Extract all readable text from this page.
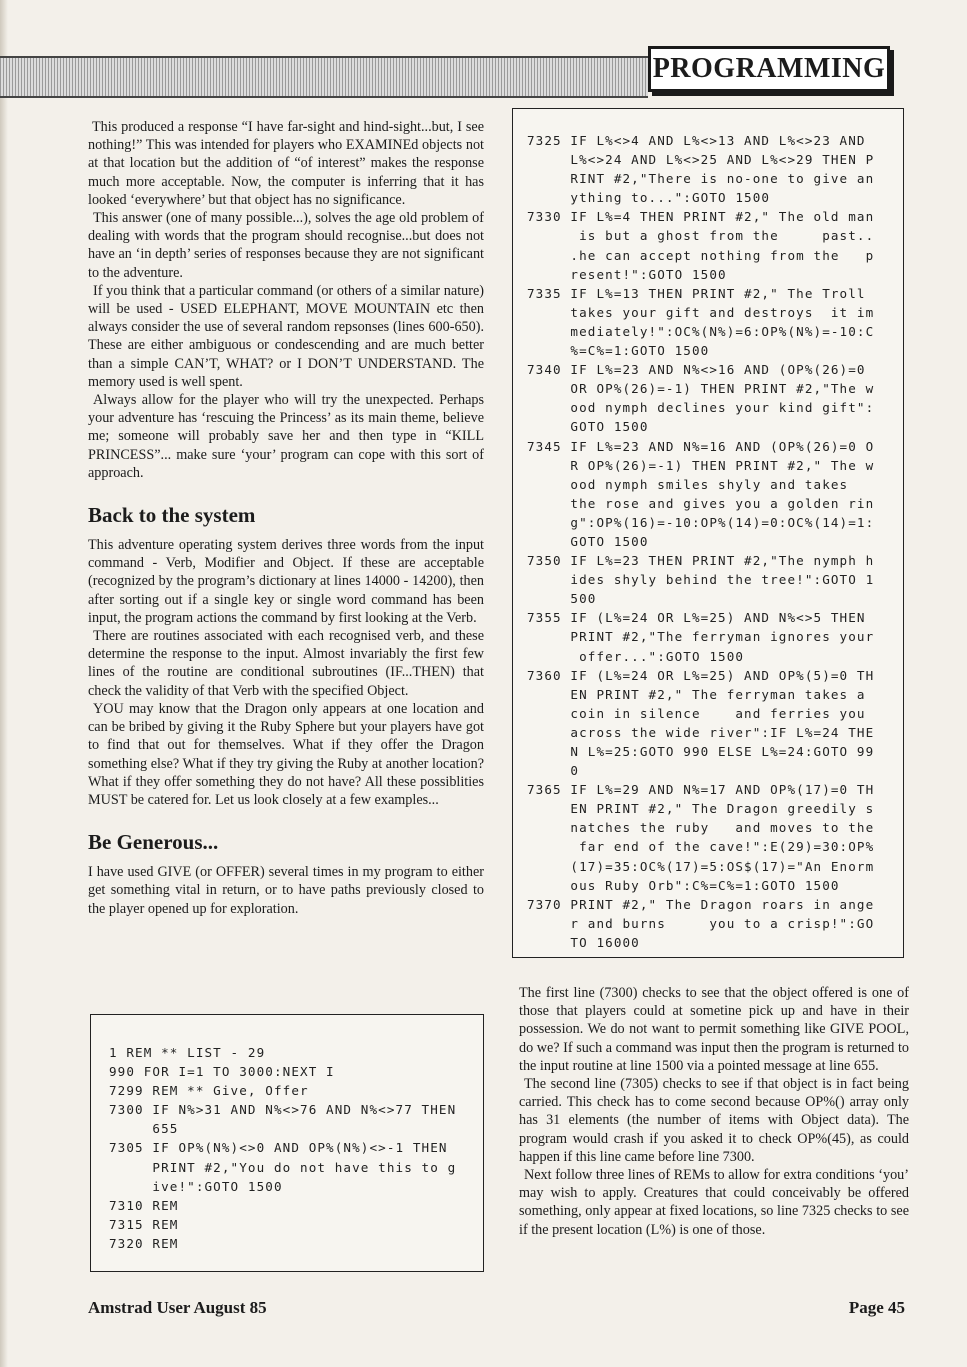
PROGRAMMING

This produced a response “I have far-sight and hind-sight...but, I see nothing!” This was intended for players who EXAMINEd objects not at that location but the addition of “of interest” makes the response much more acceptable. Now, the computer is inferring that it has looked ‘everywhere’ but that object has no significance.

This answer (one of many possible...), solves the age old problem of dealing with words that the program should recognise...but does not have an ‘in depth’ series of responses because they are not significant to the adventure.

If you think that a particular command (or others of a similar nature) will be used - USED ELEPHANT, MOVE MOUNTAIN etc then always consider the use of several random repsonses (lines 600-650). These are either ambiguous or condescending and are much better than a simple CAN’T, WHAT? or I DON’T UNDERSTAND. The memory used is well spent.

Always allow for the player who will try the unexpected. Perhaps your adventure has ‘rescuing the Princess’ as its main theme, believe me; someone will probably save her and then type in “KILL PRINCESS”... make sure ‘your’ program can cope with this sort of approach.

Back to the system

This adventure operating system derives three words from the input command - Verb, Modifier and Object. If these are acceptable (recognized by the program’s dictionary at lines 14000 - 14200), then after sorting out if a single key or single word command has been input, the program actions the command by first looking at the Verb.

There are routines associated with each recognised verb, and these determine the response to the input. Almost invariably the first few lines of the routine are conditional subroutines (IF...THEN) that check the validity of that Verb with the specified Object.

YOU may know that the Dragon only appears at one location and can be bribed by giving it the Ruby Sphere but your players have got to find that out for themselves. What if they offer the Dragon something else? What if they try giving the Ruby at another location? What if they offer something they do not have? All these possiblities MUST be catered for. Let us look closely at a few examples...

Be Generous...

I have used GIVE (or OFFER) several times in my program to either get something vital in return, or to have paths previously closed to the player opened up for exploration.

7325 IF L%<>4 AND L%<>13 AND L%<>23 AND
L%<>24 AND L%<>25 AND L%<>29 THEN P
RINT #2,"There is no-one to give an
ything to...":GOTO 1500
7330 IF L%=4 THEN PRINT #2," The old man
is but a ghost from the     past..
.he can accept nothing from the   p
resent!":GOTO 1500
7335 IF L%=13 THEN PRINT #2," The Troll
takes your gift and destroys  it im
mediately!":OC%(N%)=6:OP%(N%)=-10:C
%=C%=1:GOTO 1500
7340 IF L%=23 AND N%<>16 AND (OP%(26)=0
OR OP%(26)=-1) THEN PRINT #2,"The w
ood nymph declines your kind gift":
GOTO 1500
7345 IF L%=23 AND N%=16 AND (OP%(26)=0 O
R OP%(26)=-1) THEN PRINT #2," The w
ood nymph smiles shyly and takes
the rose and gives you a golden rin
g":OP%(16)=-10:OP%(14)=0:OC%(14)=1:
GOTO 1500
7350 IF L%=23 THEN PRINT #2,"The nymph h
ides shyly behind the tree!":GOTO 1
500
7355 IF (L%=24 OR L%=25) AND N%<>5 THEN
PRINT #2,"The ferryman ignores your
offer...":GOTO 1500
7360 IF (L%=24 OR L%=25) AND OP%(5)=0 TH
EN PRINT #2," The ferryman takes a
coin in silence    and ferries you
across the wide river":IF L%=24 THE
N L%=25:GOTO 990 ELSE L%=24:GOTO 99
0
7365 IF L%=29 AND N%=17 AND OP%(17)=0 TH
EN PRINT #2," The Dragon greedily s
natches the ruby   and moves to the
far end of the cave!":E(29)=30:OP%
(17)=35:OC%(17)=5:OS$(17)="An Enorm
ous Ruby Orb":C%=C%=1:GOTO 1500
7370 PRINT #2," The Dragon roars in ange
r and burns     you to a crisp!":GO
TO 16000
1 REM ** LIST - 29
990 FOR I=1 TO 3000:NEXT I
7299 REM ** Give, Offer
7300 IF N%>31 AND N%<>76 AND N%<>77 THEN
655
7305 IF OP%(N%)<>0 AND OP%(N%)<>-1 THEN
PRINT #2,"You do not have this to g
ive!":GOTO 1500
7310 REM
7315 REM
7320 REM

The first line (7300) checks to see that the object offered is one of those that players could at sometine pick up and have in their possession. We do not want to permit something like GIVE POOL, do we? If such a command was input then the program is returned to the input routine at line 1500 via a pointed message at line 655.

The second line (7305) checks to see if that object is in fact being carried. This check has to come second because OP%() array only has 31 elements (the number of items with Object data). The program would crash if you asked it to check OP%(45), as could happen if this line came before line 7300.

Next follow three lines of REMs to allow for extra conditions ‘you’ may wish to apply. Creatures that could conceivably be offered something, only appear at fixed locations, so line 7325 checks to see if the present location (L%) is one of those.

Amstrad User August 85	Page 45
